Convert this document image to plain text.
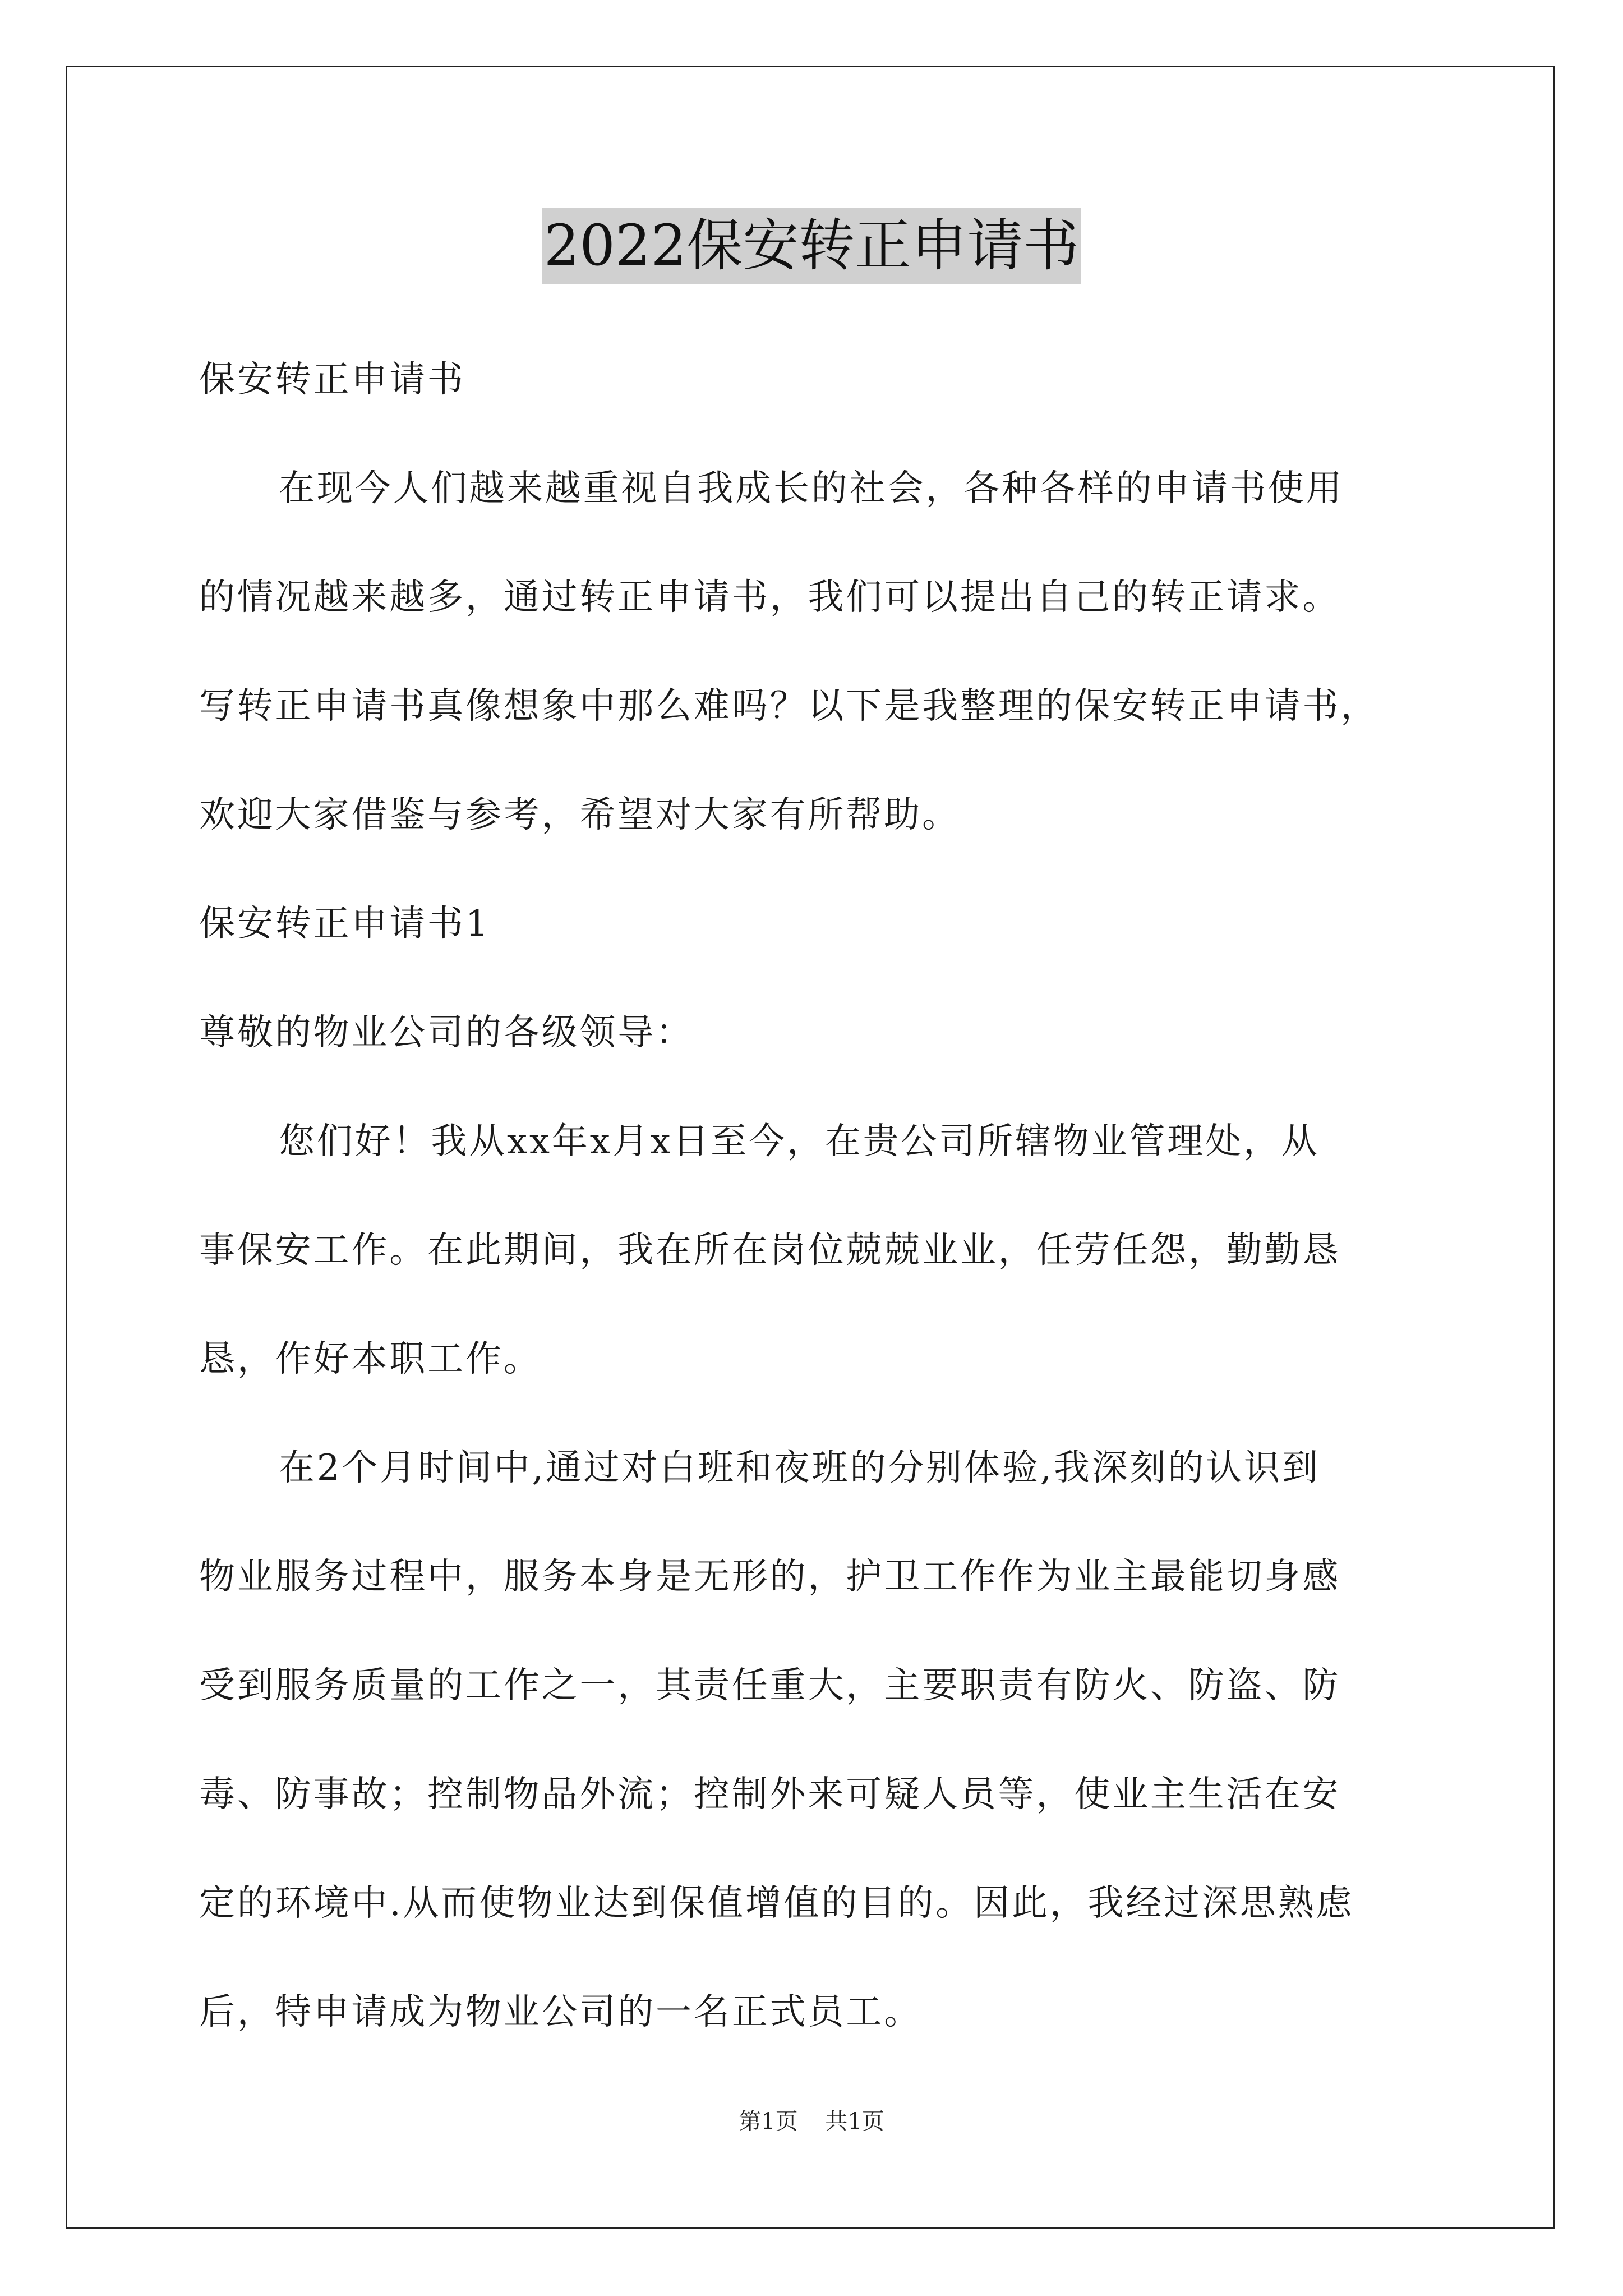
2022保安转正申请书
保安转正申请书
在现今人们越来越重视自我成长的社会，各种各样的申请书使用
的情况越来越多，通过转正申请书，我们可以提出自己的转正请求。
写转正申请书真像想象中那么难吗？以下是我整理的保安转正申请书，
欢迎大家借鉴与参考，希望对大家有所帮助。
保安转正申请书1
尊敬的物业公司的各级领导：
您们好！我从xx年x月x日至今，在贵公司所辖物业管理处，从
事保安工作。在此期间，我在所在岗位兢兢业业，任劳任怨，勤勤恳
恳，作好本职工作。
在2个月时间中,通过对白班和夜班的分别体验,我深刻的认识到
物业服务过程中，服务本身是无形的，护卫工作作为业主最能切身感
受到服务质量的工作之一，其责任重大，主要职责有防火、防盗、防
毒、防事故；控制物品外流；控制外来可疑人员等，使业主生活在安
定的环境中.从而使物业达到保值增值的目的。因此，我经过深思熟虑
后，特申请成为物业公司的一名正式员工。
第1页 共1页
